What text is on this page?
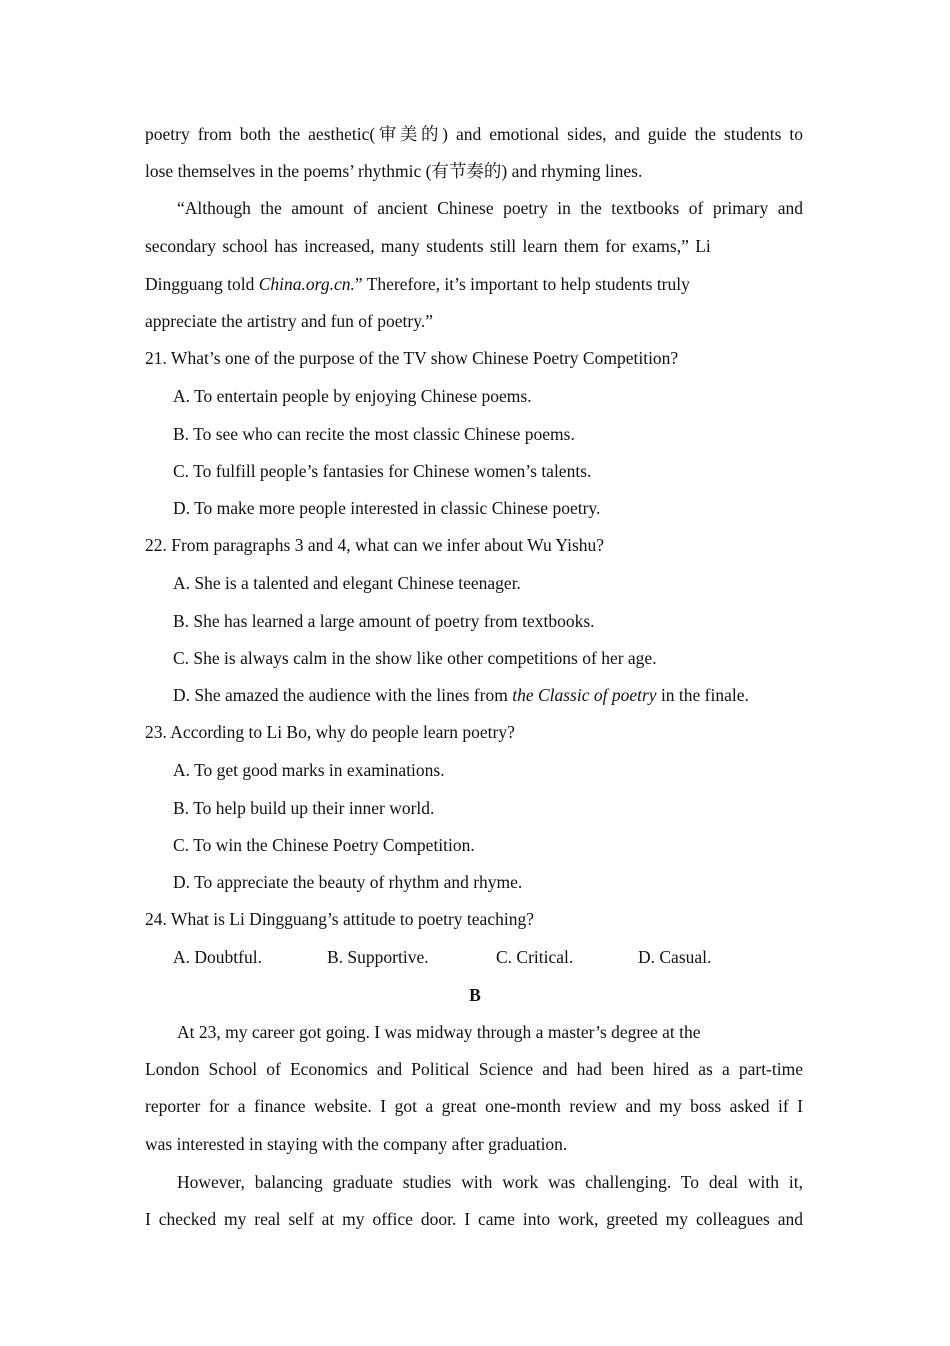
poetry from both the aesthetic(审美的) and emotional sides, and guide the students to
lose themselves in the poems’ rhythmic (有节奏的) and rhyming lines.
“Although the amount of ancient Chinese poetry in the textbooks of primary and
secondary school has increased, many students still learn them for exams,” Li
Dingguang told China.org.cn.” Therefore, it’s important to help students truly
appreciate the artistry and fun of poetry.”
21. What’s one of the purpose of the TV show Chinese Poetry Competition?
A. To entertain people by enjoying Chinese poems.
B. To see who can recite the most classic Chinese poems.
C. To fulfill people’s fantasies for Chinese women’s talents.
D. To make more people interested in classic Chinese poetry.
22. From paragraphs 3 and 4, what can we infer about Wu Yishu?
A. She is a talented and elegant Chinese teenager.
B. She has learned a large amount of poetry from textbooks.
C. She is always calm in the show like other competitions of her age.
D. She amazed the audience with the lines from the Classic of poetry in the finale.
23. According to Li Bo, why do people learn poetry?
A. To get good marks in examinations.
B. To help build up their inner world.
C. To win the Chinese Poetry Competition.
D. To appreciate the beauty of rhythm and rhyme.
24. What is Li Dingguang’s attitude to poetry teaching?
A. Doubtful.	B. Supportive.	C. Critical.	D. Casual.
B
At 23, my career got going. I was midway through a master’s degree at the
London School of Economics and Political Science and had been hired as a part-time
reporter for a finance website. I got a great one-month review and my boss asked if I
was interested in staying with the company after graduation.
However, balancing graduate studies with work was challenging. To deal with it,
I checked my real self at my office door. I came into work, greeted my colleagues and
